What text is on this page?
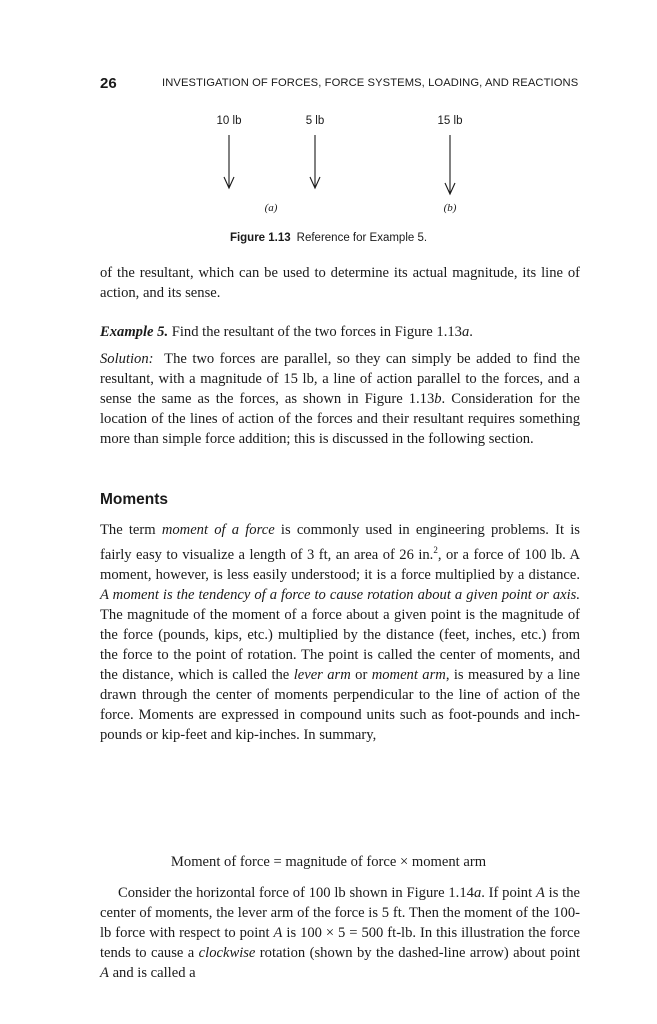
26	INVESTIGATION OF FORCES, FORCE SYSTEMS, LOADING, AND REACTIONS
10 lb	5 lb	15 lb
(a)	(b)
Figure 1.13 Reference for Example 5.

of the resultant, which can be used to determine its actual magnitude, its line of action, and its sense.

Example 5. Find the resultant of the two forces in Figure 1.13a.

Solution: The two forces are parallel, so they can simply be added to find the resultant, with a magnitude of 15 lb, a line of action parallel to the forces, and a sense the same as the forces, as shown in Figure 1.13b. Consideration for the location of the lines of action of the forces and their resultant requires something more than simple force addition; this is discussed in the following section.

Moments

The term moment of a force is commonly used in engineering problems. It is fairly easy to visualize a length of 3 ft, an area of 26 in.$^2$, or a force of 100 lb. A moment, however, is less easily understood; it is a force multiplied by a distance. A moment is the tendency of a force to cause rotation about a given point or axis. The magnitude of the moment of a force about a given point is the magnitude of the force (pounds, kips, etc.) multiplied by the distance (feet, inches, etc.) from the force to the point of rotation. The point is called the center of moments, and the distance, which is called the lever arm or moment arm, is measured by a line drawn through the center of moments perpendicular to the line of action of the force. Moments are expressed in compound units such as foot-pounds and inch-pounds or kip-feet and kip-inches. In summary,

Moment of force = magnitude of force × moment arm

Consider the horizontal force of 100 lb shown in Figure 1.14a. If point A is the center of moments, the lever arm of the force is 5 ft. Then the moment of the 100-lb force with respect to point A is 100 × 5 = 500 ft-lb. In this illustration the force tends to cause a clockwise rotation (shown by the dashed-line arrow) about point A and is called a
